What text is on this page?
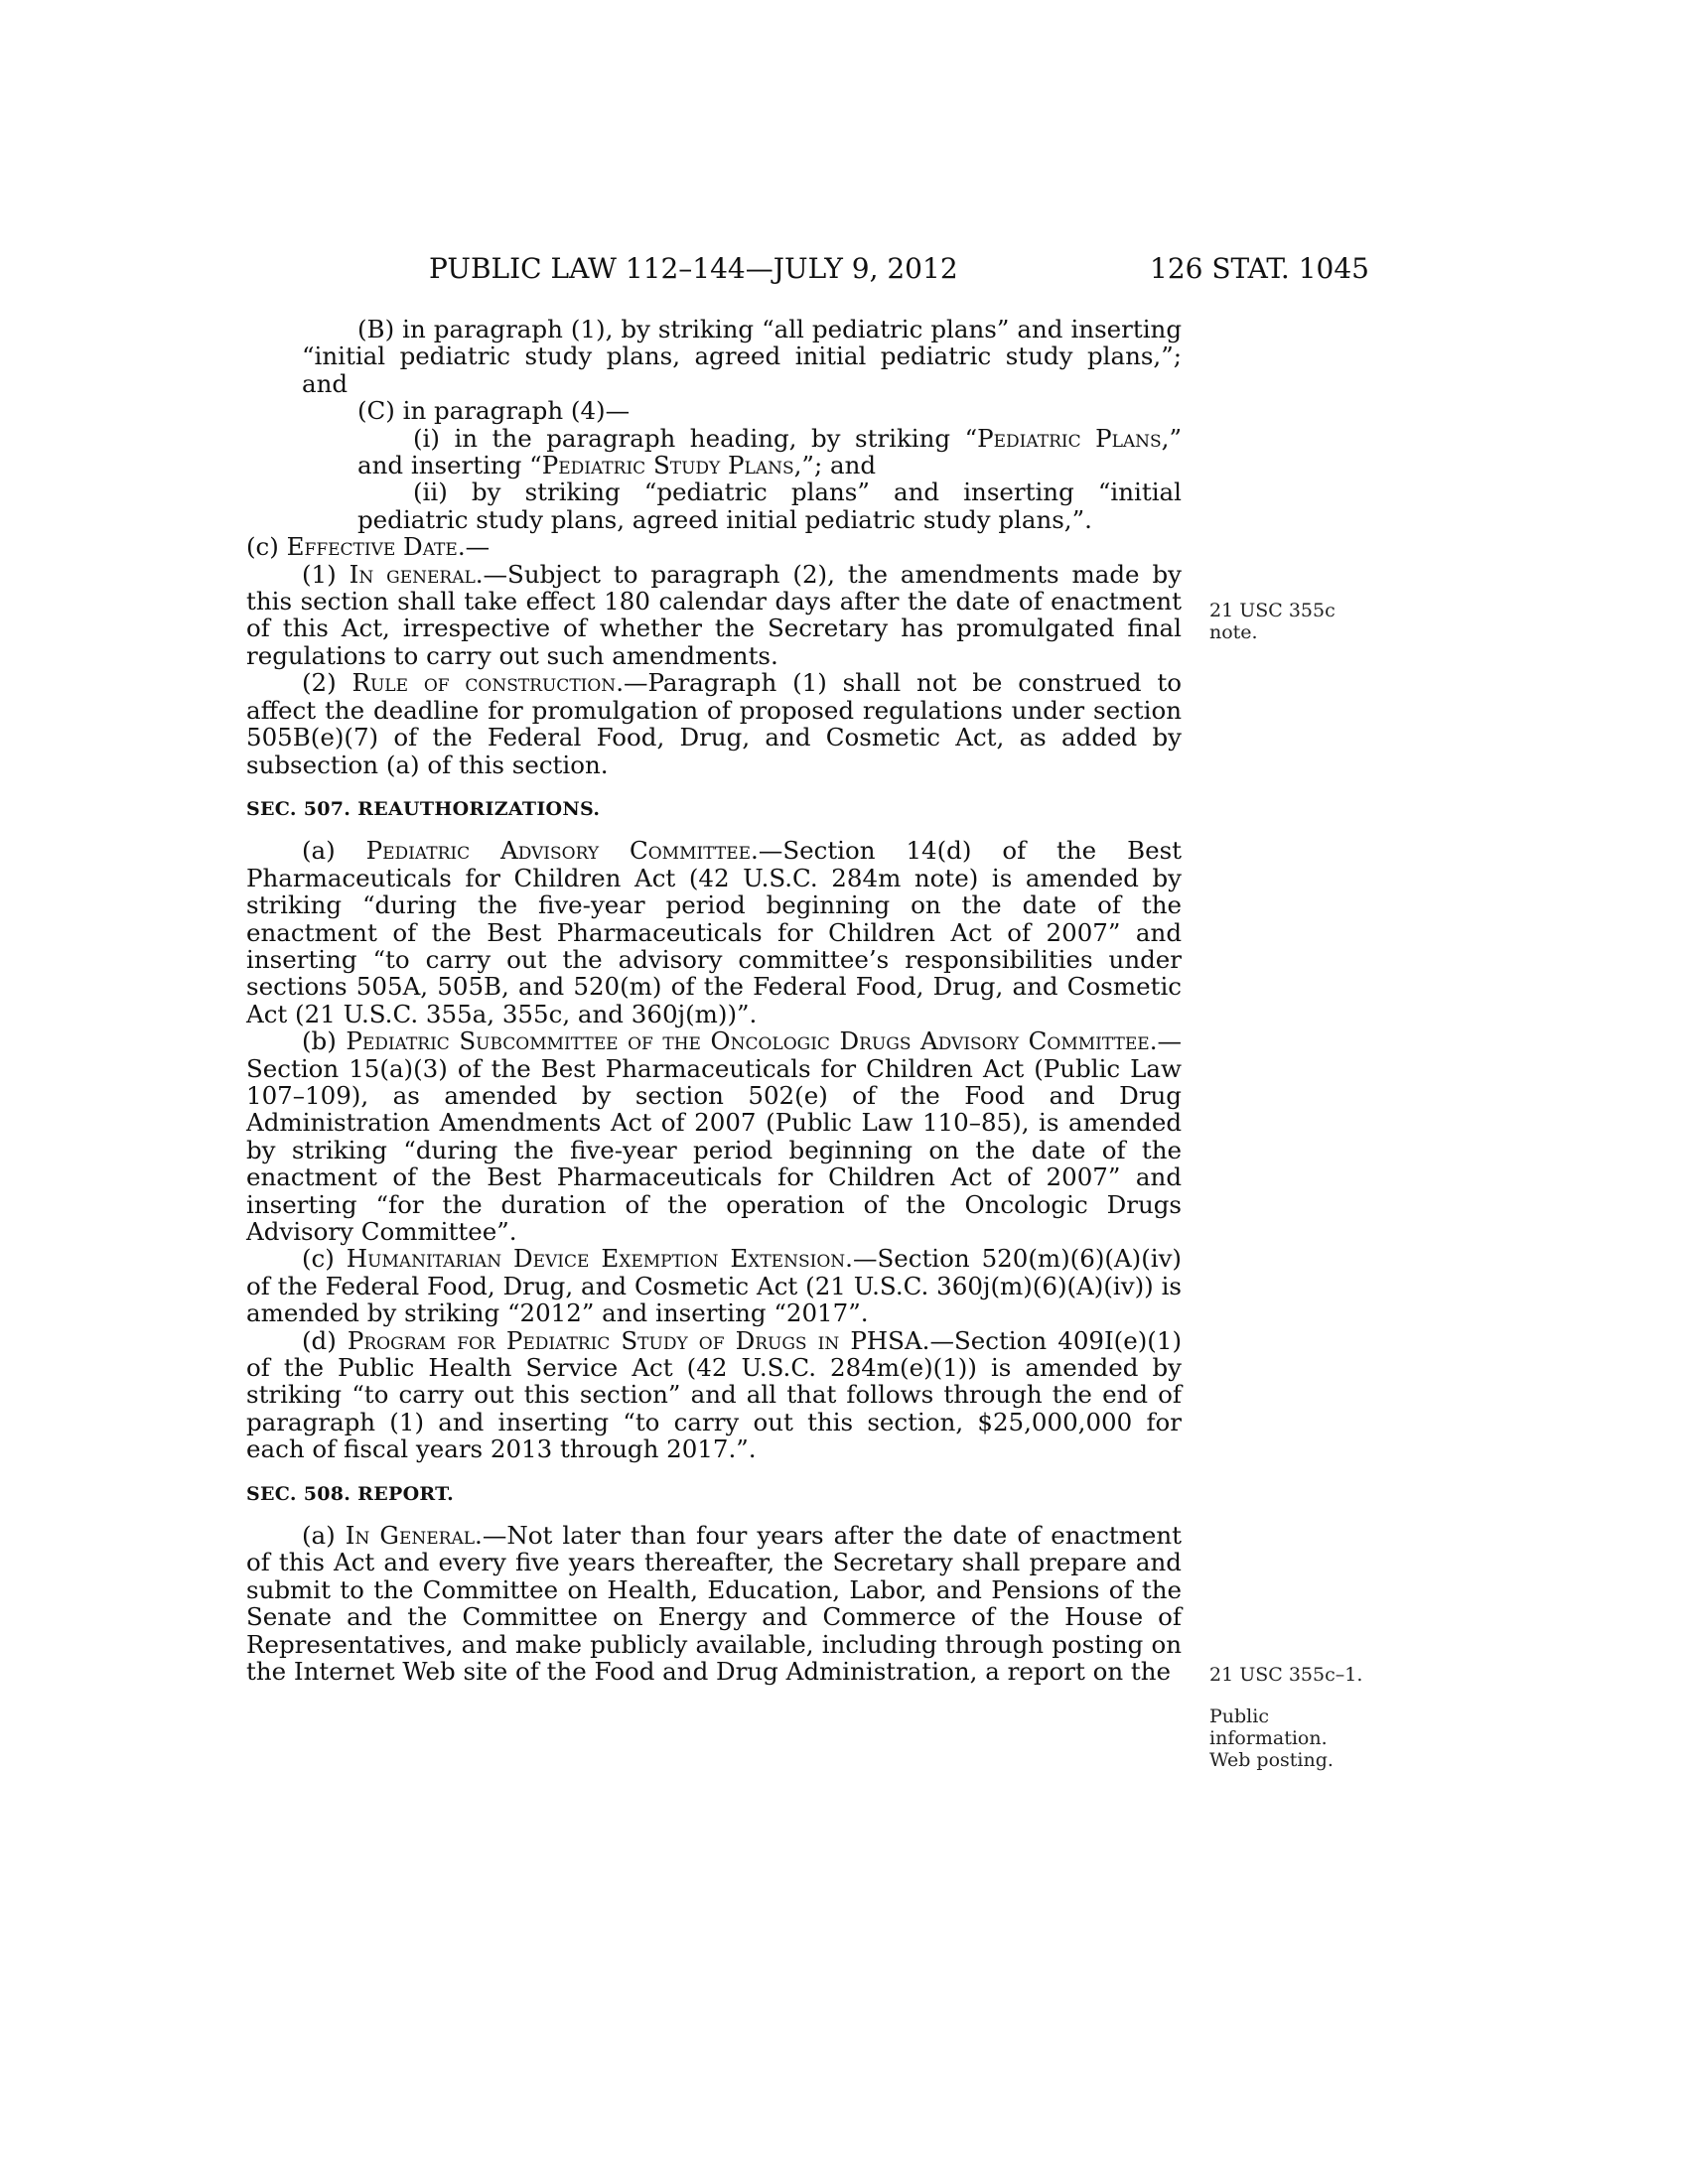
PUBLIC LAW 112–144—JULY 9, 2012	126 STAT. 1045
21 USC 355c
note.
21 USC 355c–1.
Public
information.
Web posting.

(B) in paragraph (1), by striking “all pediatric plans” and inserting “initial pediatric study plans, agreed initial pediatric study plans,”; and

(C) in paragraph (4)—

(i) in the paragraph heading, by striking “Pediatric Plans,” and inserting “Pediatric Study Plans,”; and

(ii) by striking “pediatric plans” and inserting “initial pediatric study plans, agreed initial pediatric study plans,”.

(c) Effective Date.—

(1) In general.—Subject to paragraph (2), the amendments made by this section shall take effect 180 calendar days after the date of enactment of this Act, irrespective of whether the Secretary has promulgated final regulations to carry out such amendments.

(2) Rule of construction.—Paragraph (1) shall not be construed to affect the deadline for promulgation of proposed regulations under section 505B(e)(7) of the Federal Food, Drug, and Cosmetic Act, as added by subsection (a) of this section.

SEC. 507. REAUTHORIZATIONS.

(a) Pediatric Advisory Committee.—Section 14(d) of the Best Pharmaceuticals for Children Act (42 U.S.C. 284m note) is amended by striking “during the five-year period beginning on the date of the enactment of the Best Pharmaceuticals for Children Act of 2007” and inserting “to carry out the advisory committee’s responsibilities under sections 505A, 505B, and 520(m) of the Federal Food, Drug, and Cosmetic Act (21 U.S.C. 355a, 355c, and 360j(m))”.

(b) Pediatric Subcommittee of the Oncologic Drugs Advisory Committee.—Section 15(a)(3) of the Best Pharmaceuticals for Children Act (Public Law 107–109), as amended by section 502(e) of the Food and Drug Administration Amendments Act of 2007 (Public Law 110–85), is amended by striking “during the five-year period beginning on the date of the enactment of the Best Pharmaceuticals for Children Act of 2007” and inserting “for the duration of the operation of the Oncologic Drugs Advisory Committee”.

(c) Humanitarian Device Exemption Extension.—Section 520(m)(6)(A)(iv) of the Federal Food, Drug, and Cosmetic Act (21 U.S.C. 360j(m)(6)(A)(iv)) is amended by striking “2012” and inserting “2017”.

(d) Program for Pediatric Study of Drugs in PHSA.—Section 409I(e)(1) of the Public Health Service Act (42 U.S.C. 284m(e)(1)) is amended by striking “to carry out this section” and all that follows through the end of paragraph (1) and inserting “to carry out this section, $25,000,000 for each of fiscal years 2013 through 2017.”.

SEC. 508. REPORT.

(a) In General.—Not later than four years after the date of enactment of this Act and every five years thereafter, the Secretary shall prepare and submit to the Committee on Health, Education, Labor, and Pensions of the Senate and the Committee on Energy and Commerce of the House of Representatives, and make publicly available, including through posting on the Internet Web site of the Food and Drug Administration, a report on the
